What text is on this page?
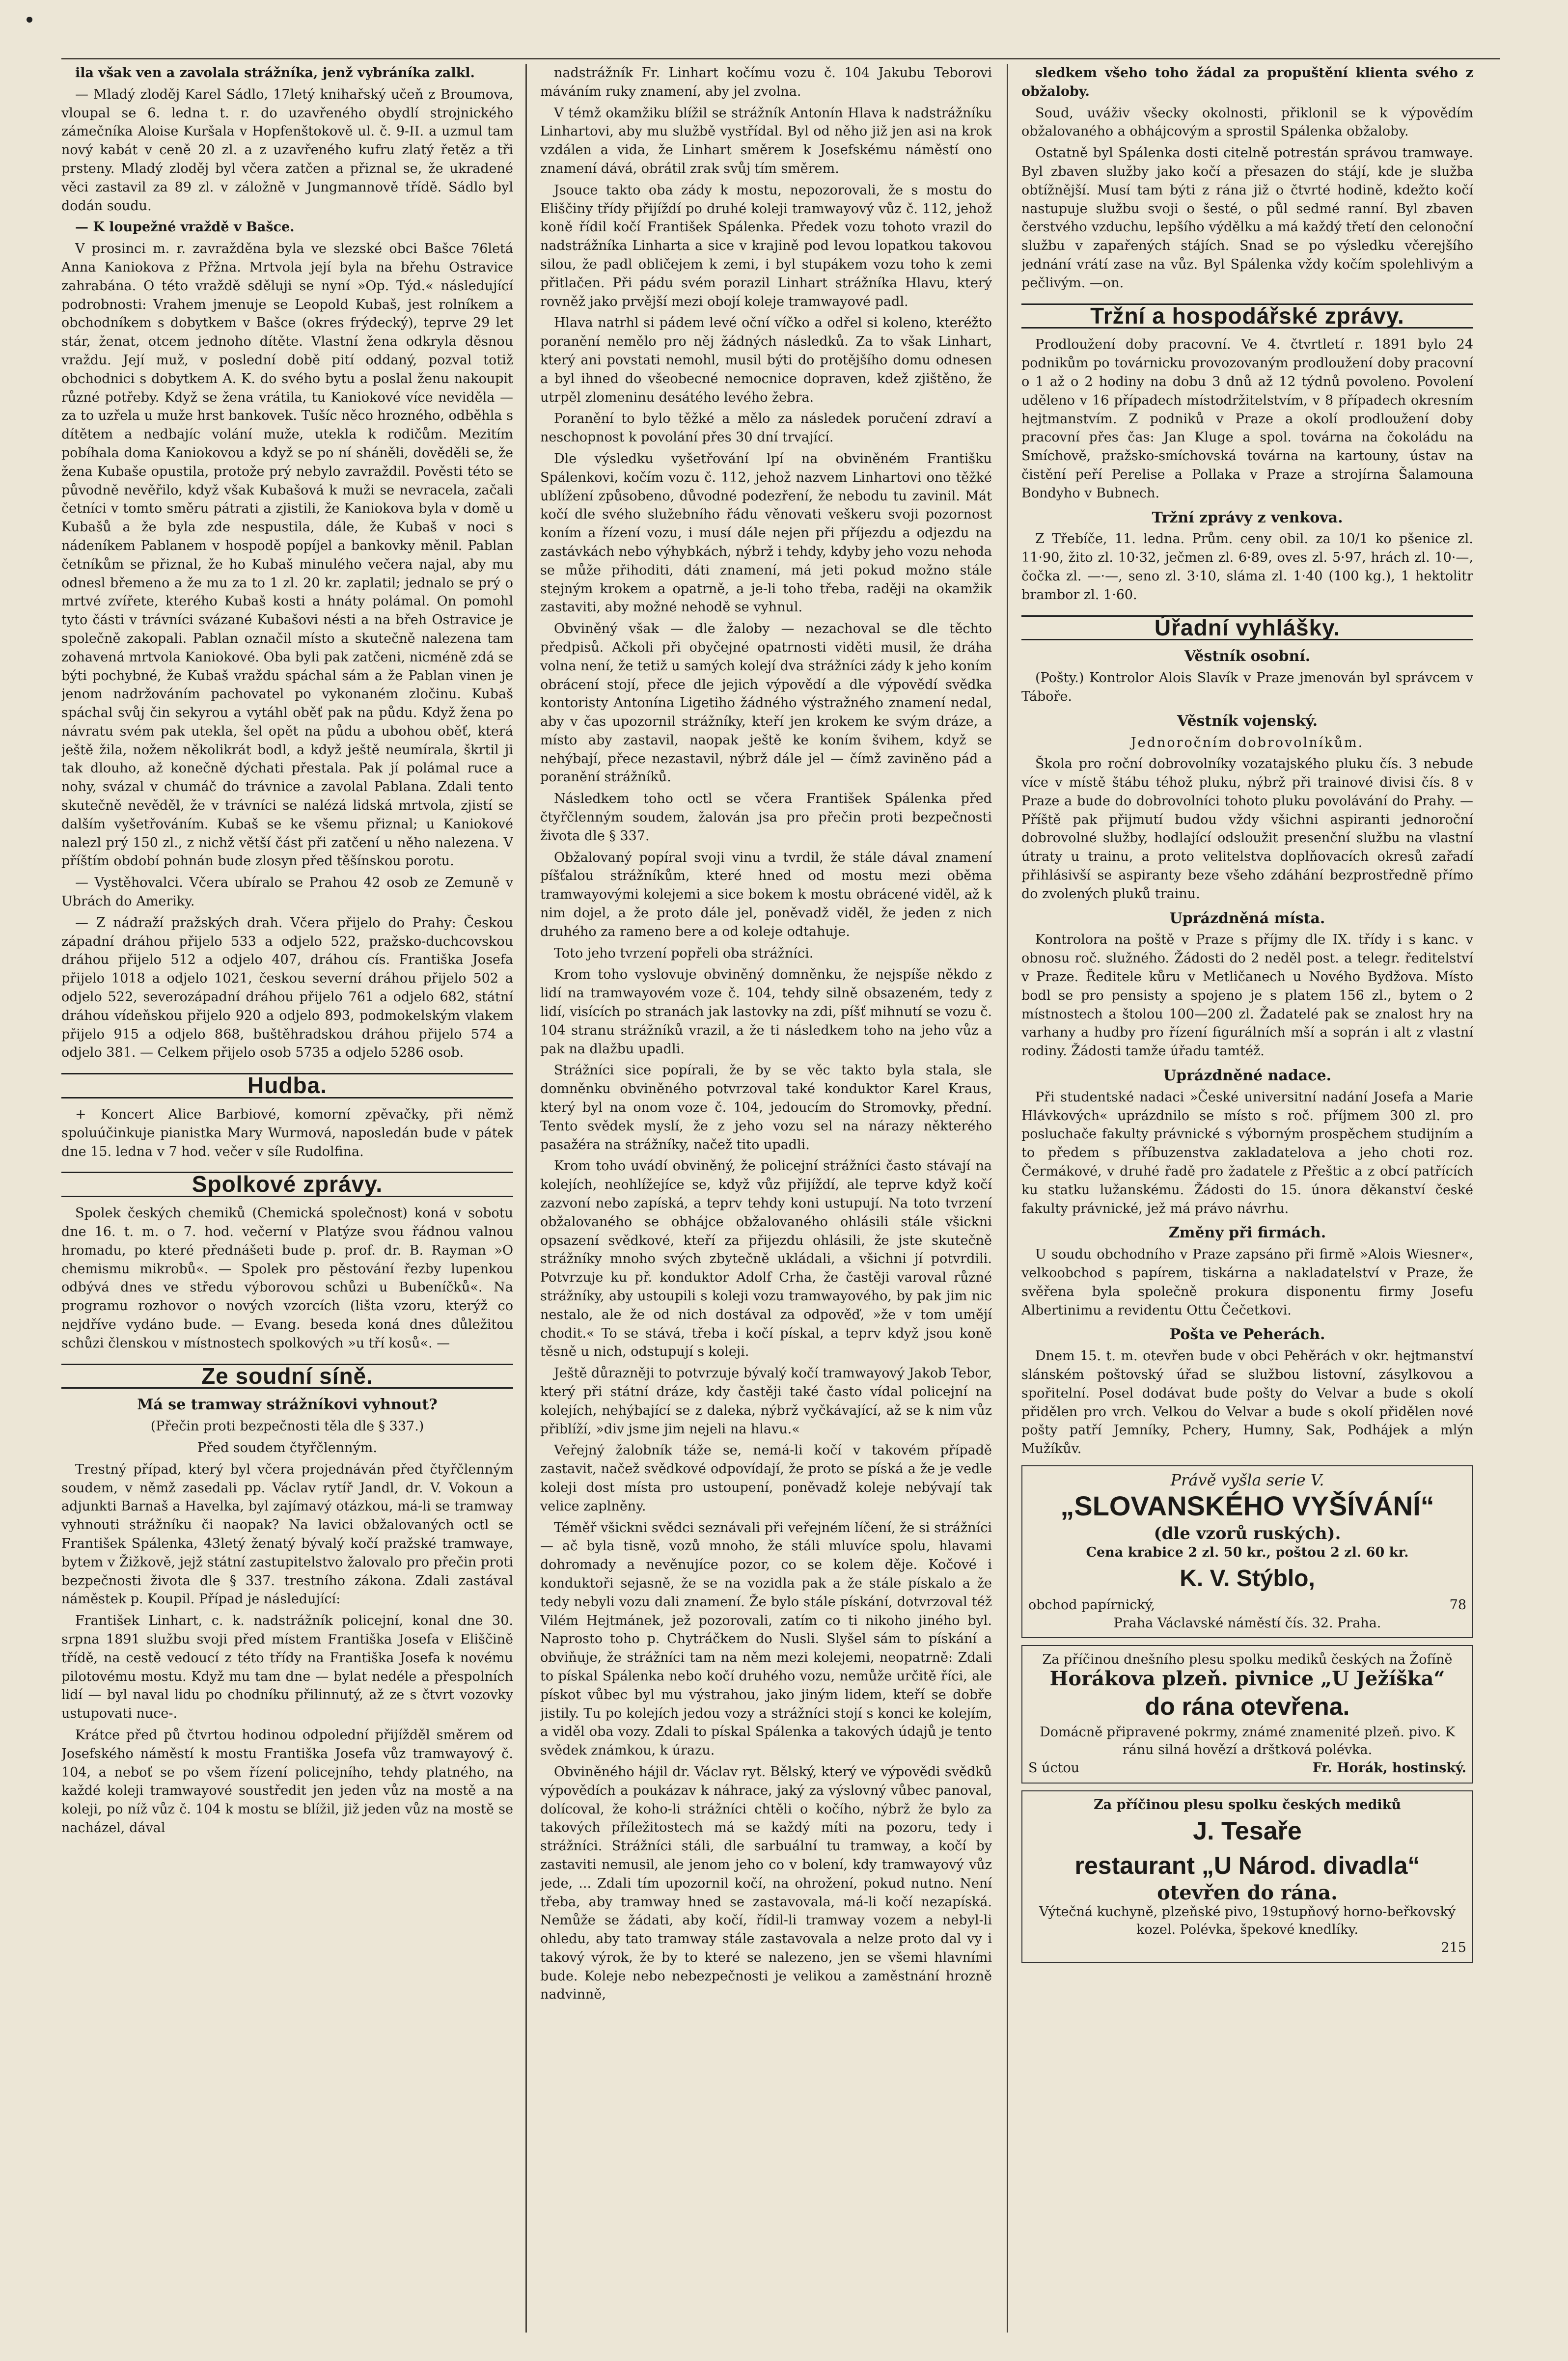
ila však ven a zavolala strážníka, jenž vybráníka zalkl.

— Mladý zloděj Karel Sádlo, 17letý knihařský učeň z Broumova, vloupal se 6. ledna t. r. do uzavřeného obydlí strojnického zámečníka Aloise Kuršala v Hopfenštokově ul. č. 9-II. a uzmul tam nový kabát v ceně 20 zl. a z uzavřeného kufru zlatý řetěz a tři prsteny. Mladý zloděj byl včera zatčen a přiznal se, že ukradené věci zastavil za 89 zl. v záložně v Jungmannově třídě. Sádlo byl dodán soudu.

— K loupežné vraždě v Bašce.

V prosinci m. r. zavražděna byla ve slezské obci Bašce 76letá Anna Kaniokova z Přžna. Mrtvola její byla na břehu Ostravice zahrabána. O této vraždě sděluji se nyní »Op. Týd.« následující podrobnosti: Vrahem jmenuje se Leopold Kubaš, jest rolníkem a obchodníkem s dobytkem v Bašce (okres frýdecký), teprve 29 let stár, ženat, otcem jednoho dítěte. Vlastní žena odkryla děsnou vraždu. Její muž, v poslední době pití oddaný, pozval totiž obchodnici s dobytkem A. K. do svého bytu a poslal ženu nakoupit různé potřeby. Když se žena vrátila, tu Kaniokové více neviděla — za to uzřela u muže hrst bankovek. Tušíc něco hrozného, odběhla s dítětem a nedbajíc volání muže, utekla k rodičům. Mezitím pobíhala doma Kaniokovou a když se po ní sháněli, dověděli se, že žena Kubaše opustila, protože prý nebylo zavraždil. Pověsti této se původně nevěřilo, když však Kubašová k muži se nevracela, začali četníci v tomto směru pátrati a zjistili, že Kaniokova byla v domě u Kubašů a že byla zde nespustila, dále, že Kubaš v noci s nádeníkem Pablanem v hospodě popíjel a bankovky měnil. Pablan četníkům se přiznal, že ho Kubaš minulého večera najal, aby mu odnesl břemeno a že mu za to 1 zl. 20 kr. zaplatil; jednalo se prý o mrtvé zvířete, kterého Kubaš kosti a hnáty polámal. On pomohl tyto části v trávníci svázané Kubašovi nésti a na břeh Ostravice je společně zakopali. Pablan označil místo a skutečně nalezena tam zohavená mrtvola Kaniokové. Oba byli pak zatčeni, nicméně zdá se býti pochybné, že Kubaš vraždu spáchal sám a že Pablan vinen je jenom nadržováním pachovatel po vykonaném zločinu. Kubaš spáchal svůj čin sekyrou a vytáhl oběť pak na půdu. Když žena po návratu svém pak utekla, šel opět na půdu a ubohou oběť, která ještě žila, nožem několikrát bodl, a když ještě neumírala, škrtil ji tak dlouho, až konečně dýchati přestala. Pak jí polámal ruce a nohy, svázal v chumáč do trávnice a zavolal Pablana. Zdali tento skutečně nevěděl, že v trávníci se nalézá lidská mrtvola, zjistí se dalším vyšetřováním. Kubaš se ke všemu přiznal; u Kaniokové nalezl prý 150 zl., z nichž větší část při zatčení u něho nalezena. V příštím období pohnán bude zlosyn před těšínskou porotu.

— Vystěhovalci. Včera ubíralo se Prahou 42 osob ze Zemuně v Ubrách do Ameriky.

— Z nádraží pražských drah. Včera přijelo do Prahy: Českou západní dráhou přijelo 533 a odjelo 522, pražsko-duchcovskou dráhou přijelo 512 a odjelo 407, dráhou cís. Františka Josefa přijelo 1018 a odjelo 1021, českou severní dráhou přijelo 502 a odjelo 522, severozápadní dráhou přijelo 761 a odjelo 682, státní dráhou vídeňskou přijelo 920 a odjelo 893, podmokelským vlakem přijelo 915 a odjelo 868, buštěhradskou dráhou přijelo 574 a odjelo 381. — Celkem přijelo osob 5735 a odjelo 5286 osob.

Hudba.

+ Koncert Alice Barbiové, komorní zpěvačky, při němž spoluúčinkuje pianistka Mary Wurmová, naposledán bude v pátek dne 15. ledna v 7 hod. večer v síle Rudolfina.

Spolkové zprávy.

Spolek českých chemiků (Chemická společnost) koná v sobotu dne 16. t. m. o 7. hod. večerní v Platýze svou řádnou valnou hromadu, po které přednášeti bude p. prof. dr. B. Rayman »O chemismu mikrobů«. — Spolek pro pěstování řezby lupenkou odbývá dnes ve středu výborovou schůzi u Bubeníčků«. Na programu rozhovor o nových vzorcích (lišta vzoru, kterýž co nejdříve vydáno bude. — Evang. beseda koná dnes důležitou schůzi členskou v místnostech spolkových »u tří kosů«. —

Ze soudní síně.
Má se tramway strážníkovi vyhnout?

(Přečin proti bezpečnosti těla dle § 337.)

Před soudem čtyřčlenným.

Trestný případ, který byl včera projednáván před čtyřčlenným soudem, v němž zasedali pp. Václav rytíř Jandl, dr. V. Vokoun a adjunkti Barnaš a Havelka, byl zajímavý otázkou, má-li se tramway vyhnouti strážníku či naopak? Na lavici obžalovaných octl se František Spálenka, 43letý ženatý bývalý kočí pražské tramwaye, bytem v Žižkově, jejž státní zastupitelstvo žalovalo pro přečin proti bezpečnosti života dle § 337. trestního zákona. Zdali zastával náměstek p. Koupil. Případ je následující:

František Linhart, c. k. nadstrážník policejní, konal dne 30. srpna 1891 službu svoji před místem Františka Josefa v Eliščině třídě, na cestě vedoucí z této třídy na Františka Josefa k novému pilotovému mostu. Když mu tam dne — bylat nedéle a přespolních lidí — byl naval lidu po chodníku přilinnutý, až ze s čtvrt vozovky ustupovati nuce-.

Krátce před pů čtvrtou hodinou odpolední přijížděl směrem od Josefského náměstí k mostu Františka Josefa vůz tramwayový č. 104, a neboť se po všem řízení policejního, tehdy platného, na každé koleji tramwayové soustředit jen jeden vůz na mostě a na koleji, po níž vůz č. 104 k mostu se blížil, již jeden vůz na mostě se nacházel, dával

nadstrážník Fr. Linhart kočímu vozu č. 104 Jakubu Teborovi máváním ruky znamení, aby jel zvolna.

V témž okamžiku blížil se strážník Antonín Hlava k nadstrážníku Linhartovi, aby mu službě vystřídal. Byl od něho již jen asi na krok vzdálen a vida, že Linhart směrem k Josefskému náměstí ono znamení dává, obrátil zrak svůj tím směrem.

Jsouce takto oba zády k mostu, nepozorovali, že s mostu do Eliščiny třídy přijíždí po druhé koleji tramwayový vůz č. 112, jehož koně řídil kočí František Spálenka. Předek vozu tohoto vrazil do nadstrážníka Linharta a sice v krajině pod levou lopatkou takovou silou, že padl obličejem k zemi, i byl stupákem vozu toho k zemi přitlačen. Při pádu svém porazil Linhart strážníka Hlavu, který rovněž jako prvější mezi obojí koleje tramwayové padl.

Hlava natrhl si pádem levé oční víčko a odřel si koleno, kteréžto poranění nemělo pro něj žádných následků. Za to však Linhart, který ani povstati nemohl, musil býti do protějšího domu odnesen a byl ihned do všeobecné nemocnice dopraven, kdež zjištěno, že utrpěl zlomeninu desátého levého žebra.

Poranění to bylo těžké a mělo za následek poručení zdraví a neschopnost k povolání přes 30 dní trvající.

Dle výsledku vyšetřování lpí na obviněném Františku Spálenkovi, kočím vozu č. 112, jehož nazvem Linhartovi ono těžké ublížení způsobeno, důvodné podezření, že nebodu tu zavinil. Mát kočí dle svého služebního řádu věnovati veškeru svoji pozornost koním a řízení vozu, i musí dále nejen při příjezdu a odjezdu na zastávkách nebo výhybkách, nýbrž i tehdy, kdyby jeho vozu nehoda se může přihoditi, dáti znamení, má jeti pokud možno stále stejným krokem a opatrně, a je-li toho třeba, raději na okamžik zastaviti, aby možné nehodě se vyhnul.

Obviněný však — dle žaloby — nezachoval se dle těchto předpisů. Ačkoli při obyčejné opatrnosti viděti musil, že dráha volna není, že tetiž u samých kolejí dva strážníci zády k jeho koním obrácení stojí, přece dle jejich výpovědí a dle výpovědí svědka kontoristy Antonína Ligetiho žádného výstražného znamení nedal, aby v čas upozornil strážníky, kteří jen krokem ke svým dráze, a místo aby zastavil, naopak ještě ke koním švihem, když se nehýbají, přece nezastavil, nýbrž dále jel — čímž zaviněno pád a poranění strážníků.

Následkem toho octl se včera František Spálenka před čtyřčlenným soudem, žalován jsa pro přečin proti bezpečnosti života dle § 337.

Obžalovaný popíral svoji vinu a tvrdil, že stále dával znamení píšťalou strážníkům, které hned od mostu mezi oběma tramwayovými kolejemi a sice bokem k mostu obrácené viděl, až k nim dojel, a že proto dále jel, poněvadž viděl, že jeden z nich druhého za rameno bere a od koleje odtahuje.

Toto jeho tvrzení popřeli oba strážníci.

Krom toho vyslovuje obviněný domněnku, že nejspíše někdo z lidí na tramwayovém voze č. 104, tehdy silně obsazeném, tedy z lidí, visících po stranách jak lastovky na zdi, píšť mihnutí se vozu č. 104 stranu strážníků vrazil, a že ti následkem toho na jeho vůz a pak na dlažbu upadli.

Strážníci sice popírali, že by se věc takto byla stala, sle domněnku obviněného potvrzoval také konduktor Karel Kraus, který byl na onom voze č. 104, jedoucím do Stromovky, přední. Tento svědek myslí, že z jeho vozu sel na nárazy některého pasažéra na strážníky, načež tito upadli.

Krom toho uvádí obviněný, že policejní strážníci často stávají na kolejích, neohlížejíce se, když vůz přijíždí, ale teprve když kočí zazvoní nebo zapíská, a teprv tehdy koni ustupují. Na toto tvrzení obžalovaného se obhájce obžalovaného ohlásili stále všickni opsazení svědkové, kteří za přijezdu ohlásili, že jste skutečně strážníky mnoho svých zbytečně ukládali, a všichni jí potvrdili. Potvrzuje ku př. konduktor Adolf Crha, že častěji varoval různé strážníky, aby ustoupili s koleji vozu tramwayového, by pak jim nic nestalo, ale že od nich dostával za odpověď, »že v tom umějí chodit.« To se stává, třeba i kočí pískal, a teprv když jsou koně těsně u nich, odstupují s koleji.

Ještě důrazněji to potvrzuje bývalý kočí tramwayový Jakob Tebor, který při státní dráze, kdy častěji také často vídal policejní na kolejích, nehýbající se z daleka, nýbrž vyčkávající, až se k nim vůz přiblíží, »div jsme jim nejeli na hlavu.«

Veřejný žalobník táže se, nemá-li kočí v takovém případě zastavit, načež svědkové odpovídají, že proto se píská a že je vedle koleji dost místa pro ustoupení, poněvadž koleje nebývají tak velice zaplněny.

Téměř všickni svědci seznávali při veřejném líčení, že si strážníci — ač byla tisně, vozů mnoho, že stáli mluvíce spolu, hlavami dohromady a nevěnujíce pozor, co se kolem děje. Kočové i konduktoři sejasně, že se na vozidla pak a že stále pískalo a že tedy nebyli vozu dali znamení. Že bylo stále pískání, dotvrzoval též Vilém Hejtmánek, jež pozorovali, zatím co ti nikoho jiného byl. Naprosto toho p. Chytráčkem do Nusli. Slyšel sám to pískání a obviňuje, že strážníci tam na něm mezi kolejemi, neopatrně: Zdali to pískal Spálenka nebo kočí druhého vozu, nemůže určitě říci, ale pískot vůbec byl mu výstrahou, jako jiným lidem, kteří se dobře jistily. Tu po kolejích jedou vozy a strážníci stojí s konci ke kolejím, a viděl oba vozy. Zdali to pískal Spálenka a takových údajů je tento svědek známkou, k úrazu.

Obviněného hájil dr. Václav ryt. Bělský, který ve výpovědi svědků výpovědích a poukázav k náhrace, jaký za výslovný vůbec panoval, dolícoval, že koho-li strážníci chtěli o kočího, nýbrž že bylo za takových příležitostech má se každý míti na pozoru, tedy i strážníci. Strážníci stáli, dle sarbuální tu tramway, a kočí by zastaviti nemusil, ale jenom jeho co v bolení, kdy tramwayový vůz jede, ... Zdali tím upozornil kočí, na ohrožení, pokud nutno. Není třeba, aby tramway hned se zastavovala, má-li kočí nezapíská. Nemůže se žádati, aby kočí, řídil-li tramway vozem a nebyl-li ohledu, aby tato tramway stále zastavovala a nelze proto dal vy i takový výrok, že by to které se nalezeno, jen se všemi hlavními bude. Koleje nebo nebezpečnosti je velikou a zaměstnání hrozně nadvinně,

sledkem všeho toho žádal za propuštění klienta svého z obžaloby.

Soud, uváživ všecky okolnosti, přiklonil se k výpovědím obžalovaného a obhájcovým a sprostil Spálenka obžaloby.

Ostatně byl Spálenka dosti citelně potrestán správou tramwaye. Byl zbaven služby jako kočí a přesazen do stájí, kde je služba obtížnější. Musí tam býti z rána již o čtvrté hodině, kdežto kočí nastupuje službu svoji o šesté, o půl sedmé ranní. Byl zbaven čerstvého vzduchu, lepšího výdělku a má každý třetí den celonoční službu v zapařených stájích. Snad se po výsledku včerejšího jednání vrátí zase na vůz. Byl Spálenka vždy kočím spolehlivým a pečlivým. —on.

Tržní a hospodářské zprávy.

Prodloužení doby pracovní. Ve 4. čtvrtletí r. 1891 bylo 24 podnikům po továrnicku provozovaným prodloužení doby pracovní o 1 až o 2 hodiny na dobu 3 dnů až 12 týdnů povoleno. Povolení uděleno v 16 případech místodržitelstvím, v 8 případech okresním hejtmanstvím. Z podniků v Praze a okolí prodloužení doby pracovní přes čas: Jan Kluge a spol. továrna na čokoládu na Smíchově, pražsko-smíchovská továrna na kartouny, ústav na čistění peří Perelise a Pollaka v Praze a strojírna Šalamouna Bondyho v Bubnech.

Tržní zprávy z venkova.

Z Třebíče, 11. ledna. Prům. ceny obil. za 10/1 ko pšenice zl. 11·90, žito zl. 10·32, ječmen zl. 6·89, oves zl. 5·97, hrách zl. 10·—, čočka zl. —·—, seno zl. 3·10, sláma zl. 1·40 (100 kg.), 1 hektolitr brambor zl. 1·60.

Úřadní vyhlášky.
Věstník osobní.

(Pošty.) Kontrolor Alois Slavík v Praze jmenován byl správcem v Táboře.

Věstník vojenský.

Jednoročním dobrovolníkům.

Škola pro roční dobrovolníky vozatajského pluku čís. 3 nebude více v místě štábu téhož pluku, nýbrž při trainové divisi čís. 8 v Praze a bude do dobrovolníci tohoto pluku povolávání do Prahy. — Příště pak přijmutí budou vždy všichni aspiranti jednoroční dobrovolné služby, hodlající odsloužit presenční službu na vlastní útraty u trainu, a proto velitelstva doplňovacích okresů zařadí přihlásivší se aspiranty beze všeho zdáhání bezprostředně přímo do zvolených pluků trainu.

Uprázdněná místa.

Kontrolora na poště v Praze s příjmy dle IX. třídy i s kanc. v obnosu roč. služného. Žádosti do 2 neděl post. a telegr. ředitelství v Praze. Ředitele kůru v Metličanech u Nového Bydžova. Místo bodl se pro pensisty a spojeno je s platem 156 zl., bytem o 2 místnostech a štolou 100—200 zl. Žadatelé pak se znalost hry na varhany a hudby pro řízení figurálních mší a soprán i alt z vlastní rodiny. Žádosti tamže úřadu tamtéž.

Uprázdněné nadace.

Při studentské nadaci »České universitní nadání Josefa a Marie Hlávkových« uprázdnilo se místo s roč. příjmem 300 zl. pro posluchače fakulty právnické s výborným prospěchem studijním a to předem s příbuzenstva zakladatelova a jeho choti roz. Čermákové, v druhé řadě pro žadatele z Přeštic a z obcí patřících ku statku lužanskému. Žádosti do 15. února děkanství české fakulty právnické, jež má právo návrhu.

Změny při firmách.

U soudu obchodního v Praze zapsáno při firmě »Alois Wiesner«, velkoobchod s papírem, tiskárna a nakladatelství v Praze, že svěřena byla společně prokura disponentu firmy Josefu Albertinimu a revidentu Ottu Čečetkovi.

Pošta ve Peherách.

Dnem 15. t. m. otevřen bude v obci Pehěrách v okr. hejtmanství slánském poštovský úřad se službou listovní, zásylkovou a spořitelní. Posel dodávat bude pošty do Velvar a bude s okolí přidělen pro vrch. Velkou do Velvar a bude s okolí přidělen nové pošty patří Jemníky, Pchery, Humny, Sak, Podhájek a mlýn Mužíkův.

Právě vyšla serie V.
„SLOVANSKÉHO VYŠÍVÁNÍ“
(dle vzorů ruských).
Cena krabice 2 zl. 50 kr., poštou 2 zl. 60 kr.
K. V. Stýblo,
obchod papírnický,	78
Praha Václavské náměstí čís. 32. Praha.
Za příčinou dnešního plesu spolku mediků českých na Žofíně
Horákova plzeň. pivnice „U Ježíška“
do rána otevřena.
Domácně připravené pokrmy, známé znamenité plzeň. pivo. K ránu silná hovězí a drštková polévka.
S úctou	Fr. Horák, hostinský.
Za příčinou plesu spolku českých mediků
J. Tesaře
restaurant „U Národ. divadla“
otevřen do rána.
Výtečná kuchyně, plzeňské pivo, 19stupňový horno-beřkovský kozel. Polévka, špekové knedlíky.
215
